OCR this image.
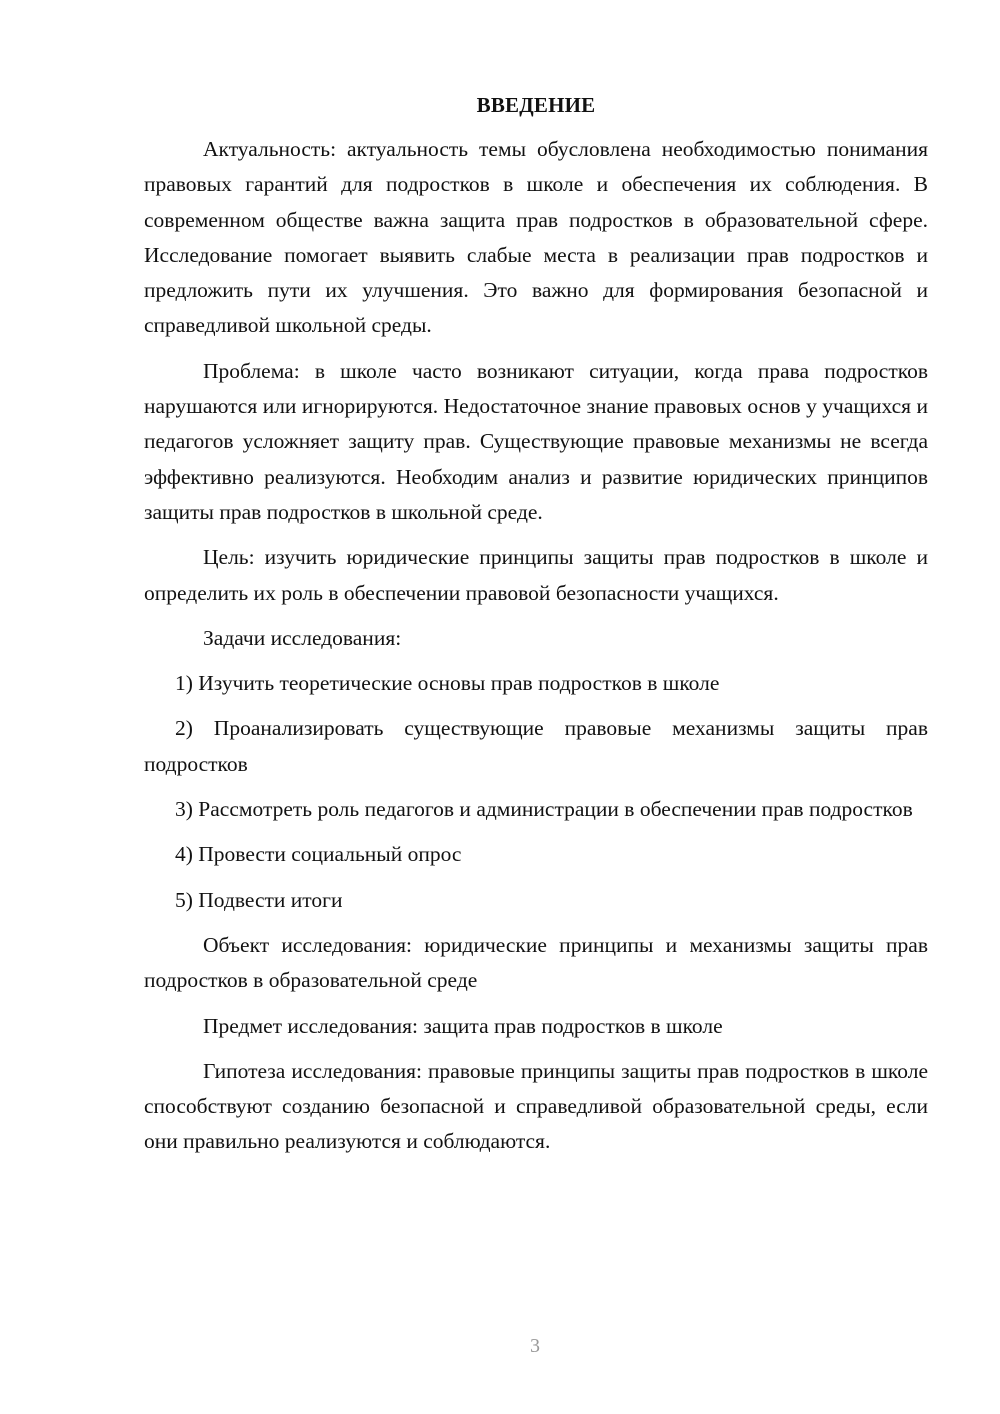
ВВЕДЕНИЕ

Актуальность: актуальность темы обусловлена необходимостью понимания правовых гарантий для подростков в школе и обеспечения их соблюдения. В современном обществе важна защита прав подростков в образовательной сфере. Исследование помогает выявить слабые места в реализации прав подростков и предложить пути их улучшения. Это важно для формирования безопасной и справедливой школьной среды.

Проблема: в школе часто возникают ситуации, когда права подростков нарушаются или игнорируются. Недостаточное знание правовых основ у учащихся и педагогов усложняет защиту прав. Существующие правовые механизмы не всегда эффективно реализуются. Необходим анализ и развитие юридических принципов защиты прав подростков в школьной среде.

Цель: изучить юридические принципы защиты прав подростков в школе и определить их роль в обеспечении правовой безопасности учащихся.

Задачи исследования:

1) Изучить теоретические основы прав подростков в школе

2) Проанализировать существующие правовые механизмы защиты прав подростков

3) Рассмотреть роль педагогов и администрации в обеспечении прав подростков

4) Провести социальный опрос

5) Подвести итоги

Объект исследования: юридические принципы и механизмы защиты прав подростков в образовательной среде

Предмет исследования: защита прав подростков в школе

Гипотеза исследования: правовые принципы защиты прав подростков в школе способствуют созданию безопасной и справедливой образовательной среды, если они правильно реализуются и соблюдаются.

3
